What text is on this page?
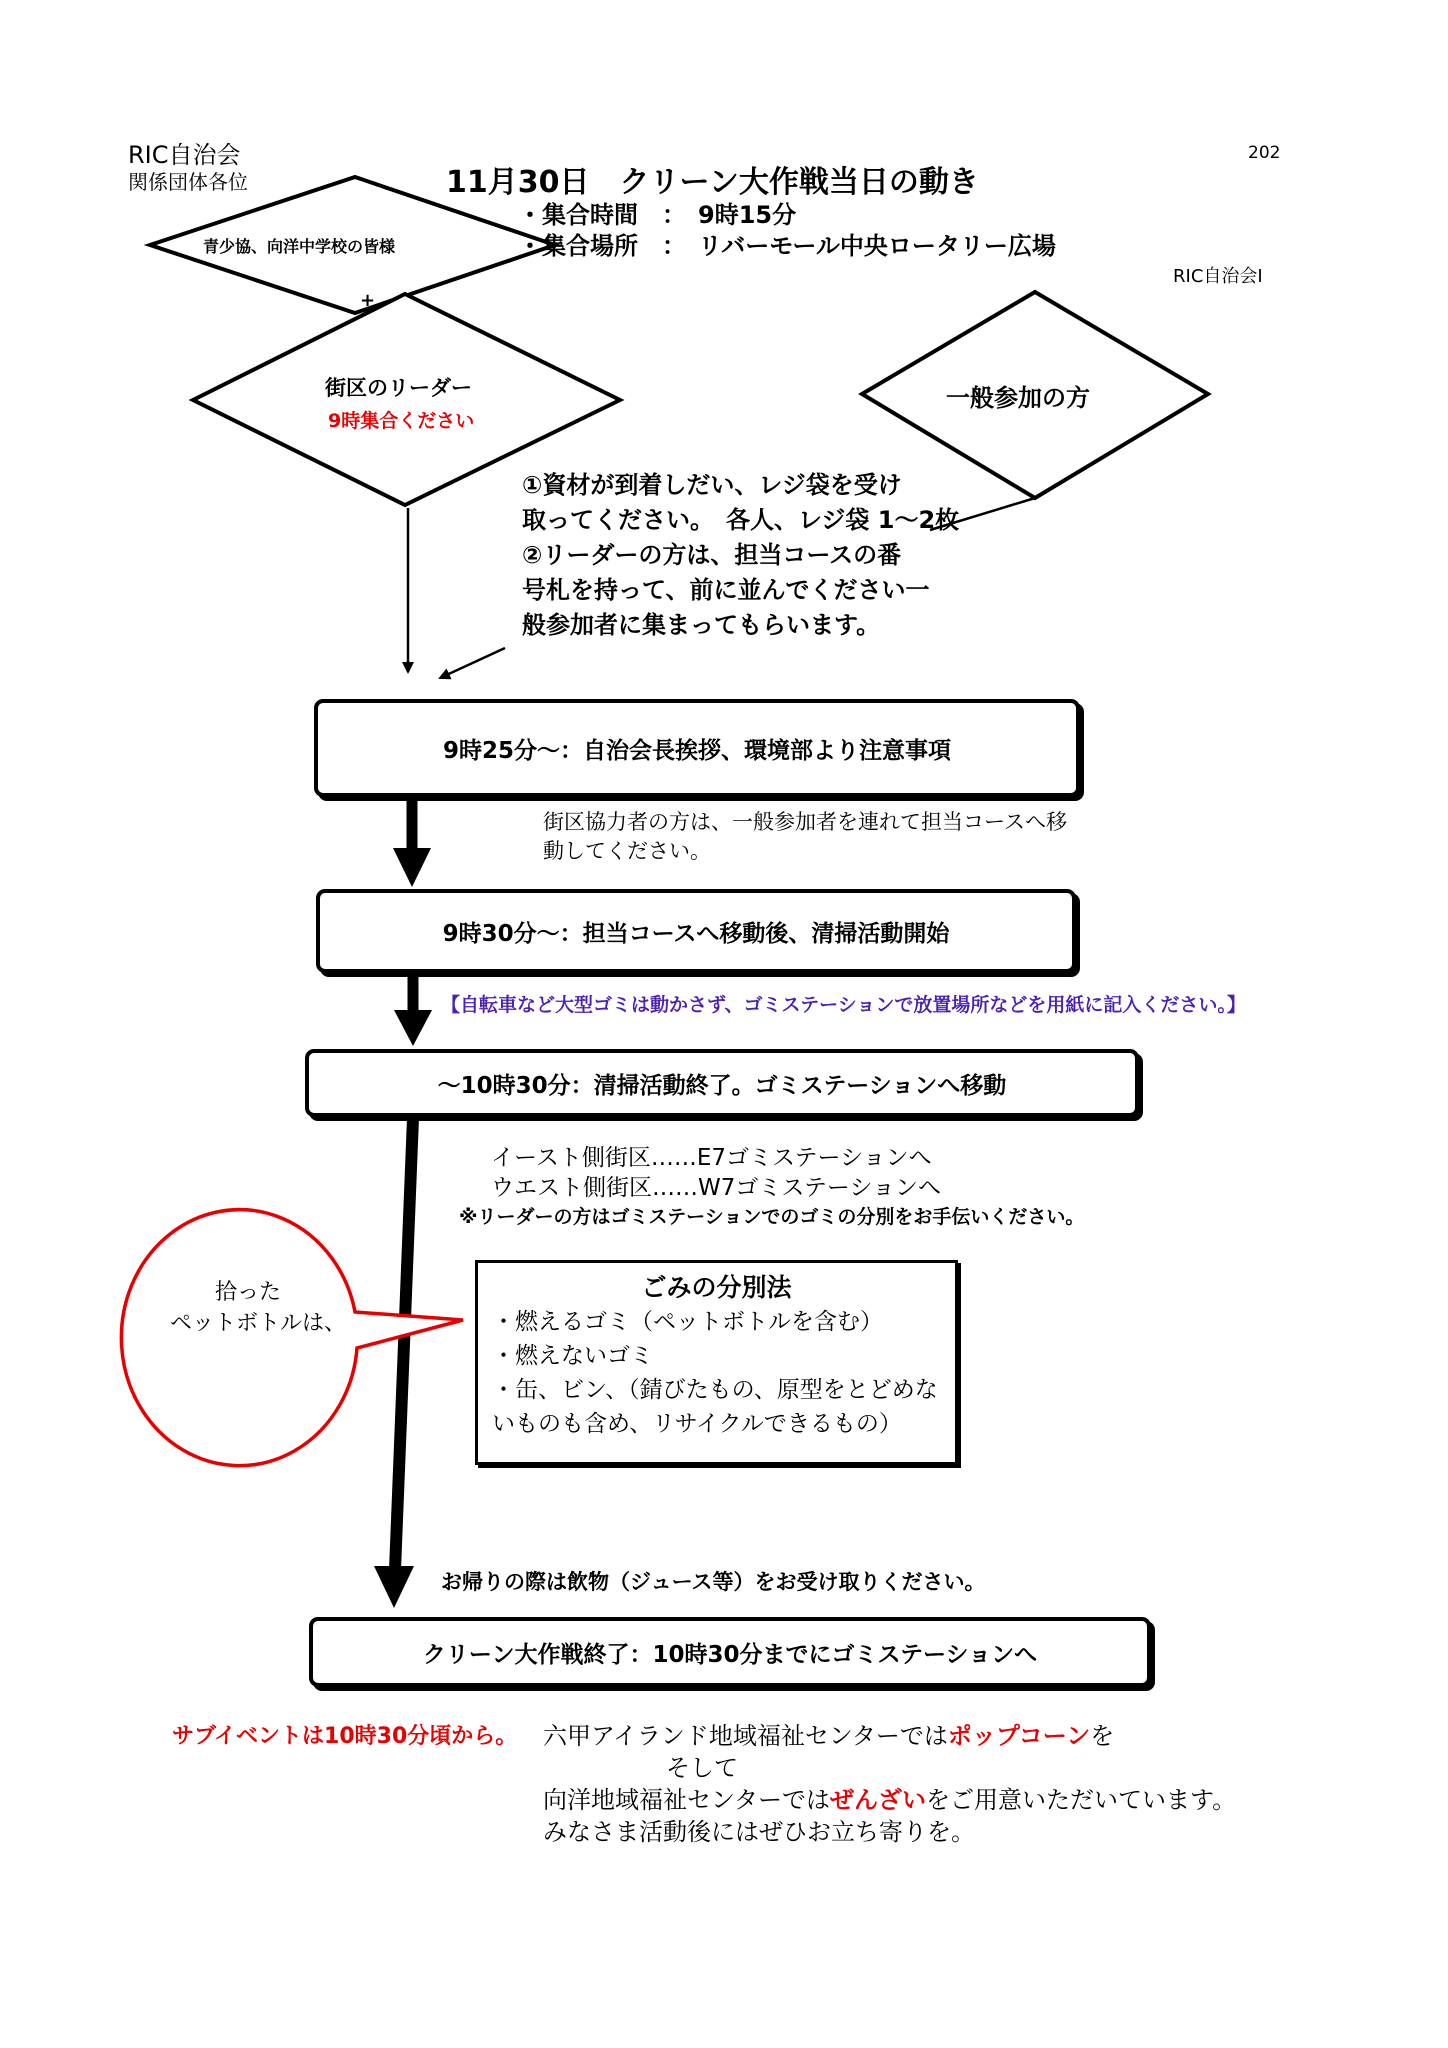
RIC自治会
関係団体各位
202
RIC自治会I
11月30日　クリーン大作戦当日の動き
・集合時間　：　9時15分
・集合場所　：　リバーモール中央ロータリー広場
青少協、向洋中学校の皆様
+
街区のリーダー
9時集合ください
一般参加の方
①資材が到着しだい、レジ袋を受け
取ってください。　各人、レジ袋 1～2枚
②リーダーの方は、担当コースの番
号札を持って、前に並んでください一
般参加者に集まってもらいます。
9時25分～：自治会長挨拶、環境部より注意事項
街区協力者の方は、一般参加者を連れて担当コースへ移
動してください。
9時30分～：担当コースへ移動後、清掃活動開始
【自転車など大型ゴミは動かさず、ゴミステーションで放置場所などを用紙に記入ください。】
～10時30分：清掃活動終了。ゴミステーションへ移動
イースト側街区……E7ゴミステーションへ
ウエスト側街区……W7ゴミステーションへ
※リーダーの方はゴミステーションでのゴミの分別をお手伝いください。
拾った
ペットボトルは、
ごみの分別法
・燃えるゴミ（ペットボトルを含む）
・燃えないゴミ
・缶、ビン、（錆びたもの、原型をとどめな
いものも含め、リサイクルできるもの）
お帰りの際は飲物（ジュース等）をお受け取りください。
クリーン大作戦終了：10時30分までにゴミステーションへ
サブイベントは10時30分頃から。 六甲アイランド地域福祉センターではポップコーンを
そして
向洋地域福祉センターではぜんざいをご用意いただいています。
みなさま活動後にはぜひお立ち寄りを。
